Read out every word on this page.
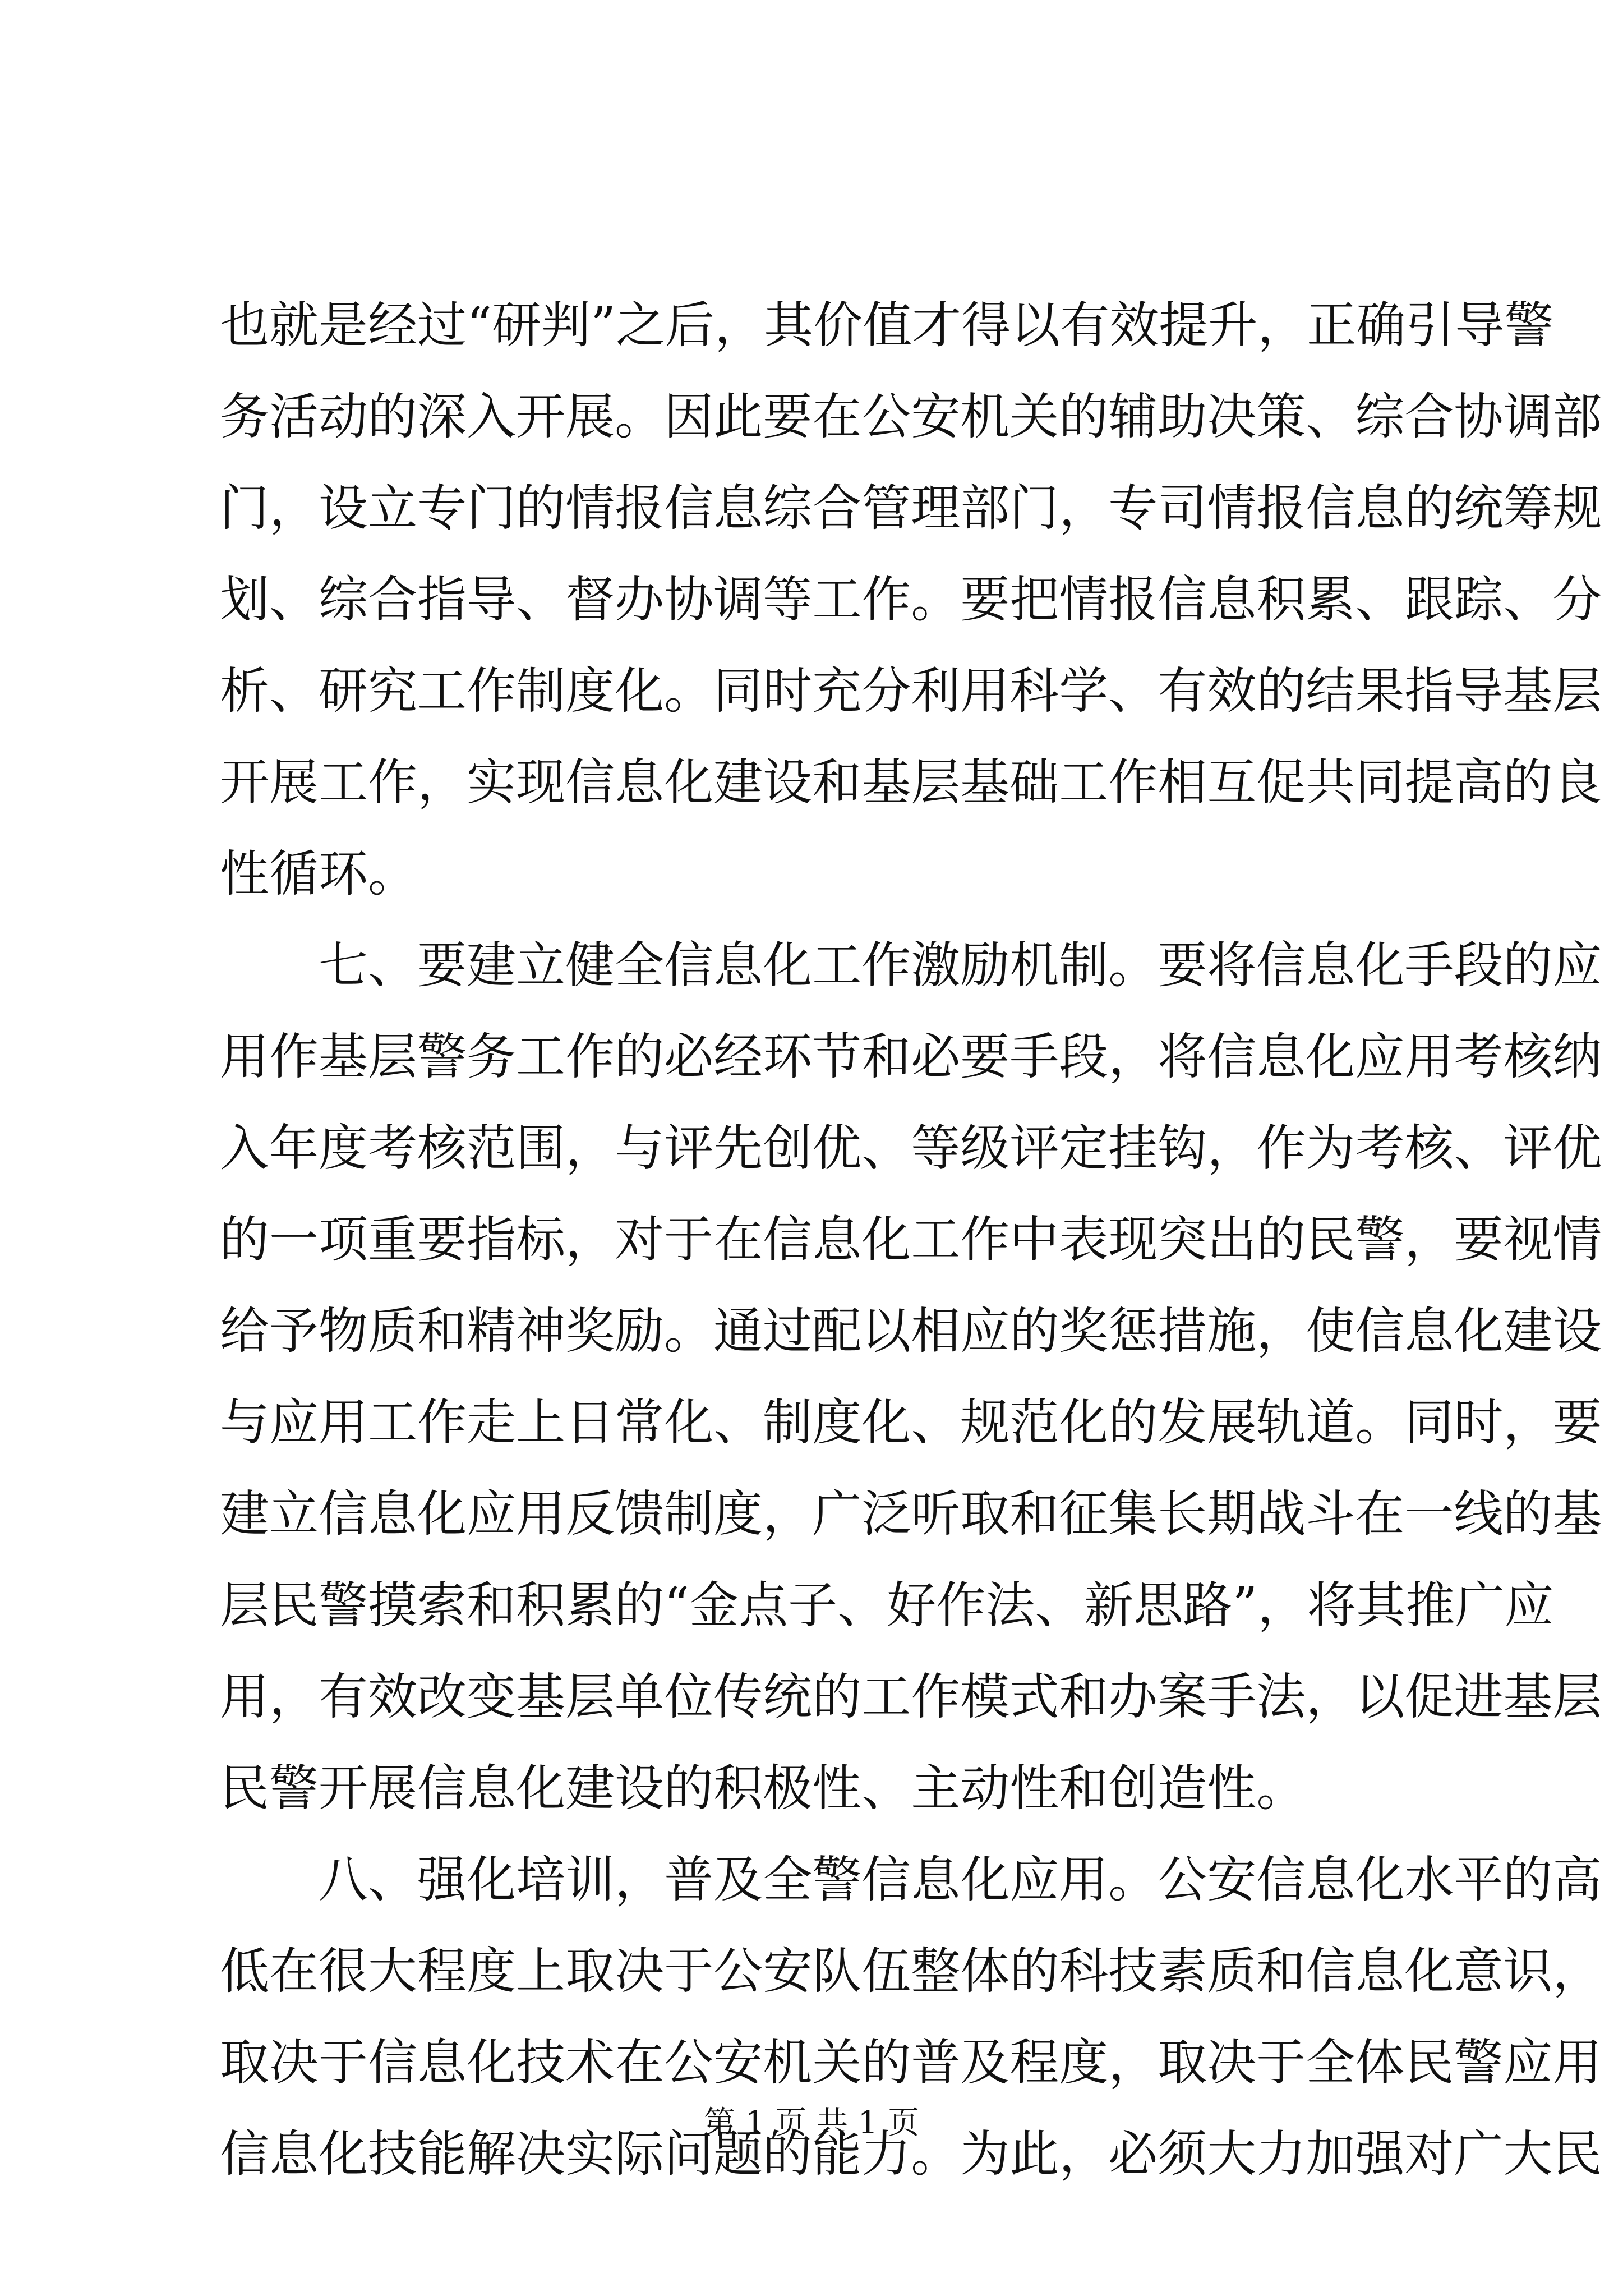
也 就 是 经 过 “ 研 判 ” 之 后 ， 其 价 值 才 得 以 有 效 提 升 ， 正 确 引 导 警
务 活 动 的 深 入 开 展 。 因 此 要 在 公 安 机 关 的 辅 助 决 策 、 综 合 协 调 部
门 ， 设 立 专 门 的 情 报 信 息 综 合 管 理 部 门 ， 专 司 情 报 信 息 的 统 筹 规
划 、 综 合 指 导 、 督 办 协 调 等 工 作 。 要 把 情 报 信 息 积 累 、 跟 踪 、 分
析 、 研 究 工 作 制 度 化 。 同 时 充 分 利 用 科 学 、 有 效 的 结 果 指 导 基 层
开 展 工 作 ， 实 现 信 息 化 建 设 和 基 层 基 础 工 作 相 互 促 共 同 提 高 的 良
性 循 环 。
七 、 要 建 立 健 全 信 息 化 工 作 激 励 机 制 。 要 将 信 息 化 手 段 的 应
用 作 基 层 警 务 工 作 的 必 经 环 节 和 必 要 手 段 ， 将 信 息 化 应 用 考 核 纳
入 年 度 考 核 范 围 ， 与 评 先 创 优 、 等 级 评 定 挂 钩 ， 作 为 考 核 、 评 优
的 一 项 重 要 指 标 ， 对 于 在 信 息 化 工 作 中 表 现 突 出 的 民 警 ， 要 视 情
给 予 物 质 和 精 神 奖 励 。 通 过 配 以 相 应 的 奖 惩 措 施 ， 使 信 息 化 建 设
与 应 用 工 作 走 上 日 常 化 、 制 度 化 、 规 范 化 的 发 展 轨 道 。 同 时 ， 要
建 立 信 息 化 应 用 反 馈 制 度 ， 广 泛 听 取 和 征 集 长 期 战 斗 在 一 线 的 基
层 民 警 摸 索 和 积 累 的 “ 金 点 子 、 好 作 法 、 新 思 路 ” ， 将 其 推 广 应
用 ， 有 效 改 变 基 层 单 位 传 统 的 工 作 模 式 和 办 案 手 法 ， 以 促 进 基 层
民 警 开 展 信 息 化 建 设 的 积 极 性 、 主 动 性 和 创 造 性 。
八 、 强 化 培 训 ， 普 及 全 警 信 息 化 应 用 。 公 安 信 息 化 水 平 的 高
低 在 很 大 程 度 上 取 决 于 公 安 队 伍 整 体 的 科 技 素 质 和 信 息 化 意 识 ，
取 决 于 信 息 化 技 术 在 公 安 机 关 的 普 及 程 度 ， 取 决 于 全 体 民 警 应 用
信 息 化 技 能 解 决 实 际 问 题 的 能 力 。 为 此 ， 必 须 大 力 加 强 对 广 大 民
第 1 页 共 1 页
